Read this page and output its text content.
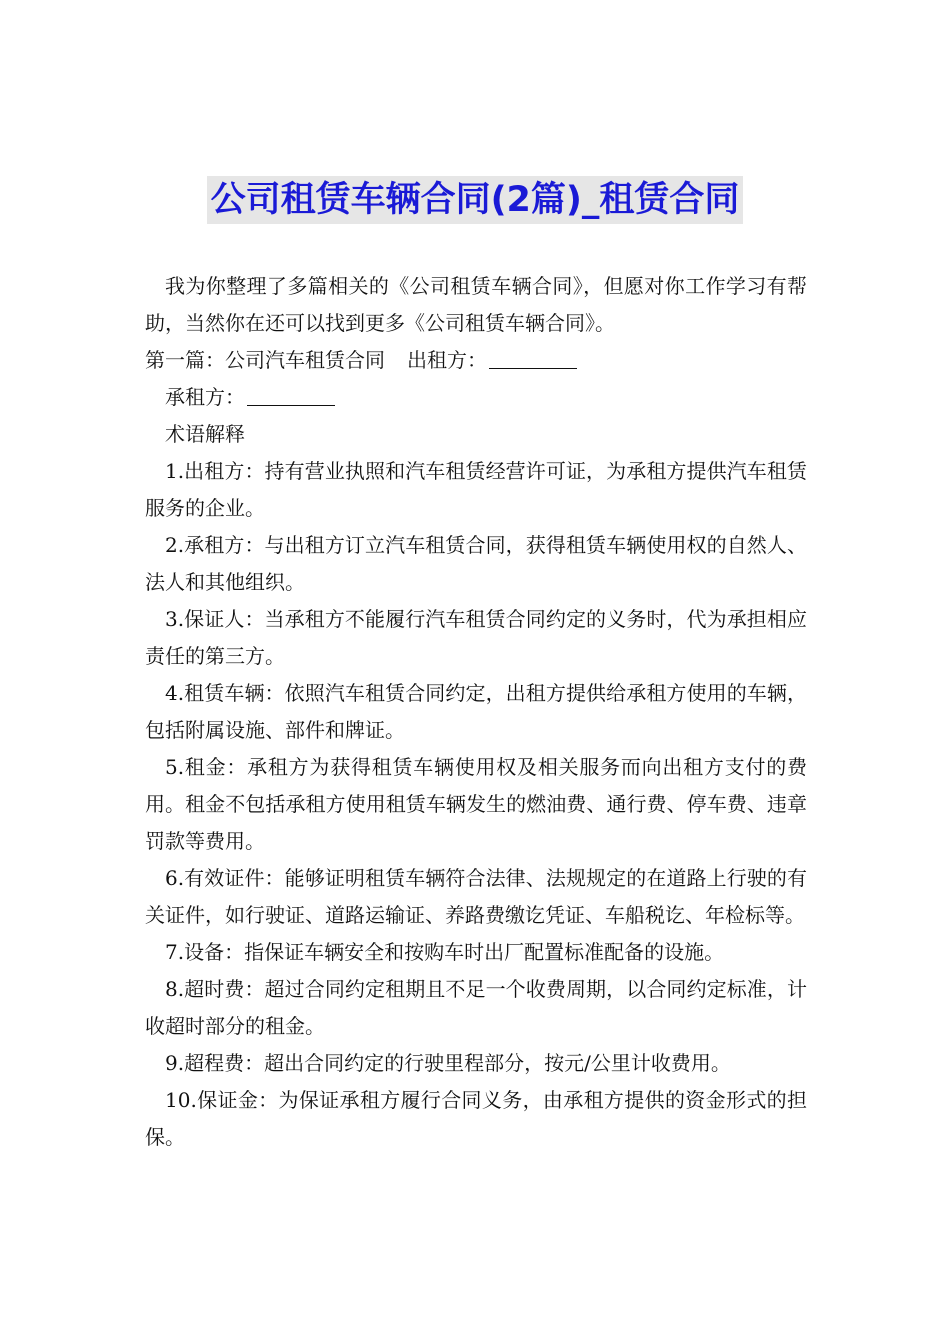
公司租赁车辆合同(2篇)_租赁合同

我为你整理了多篇相关的《公司租赁车辆合同》，但愿对你工作学习有帮助，当然你在还可以找到更多《公司租赁车辆合同》。

第一篇：公司汽车租赁合同 出租方：

承租方：

术语解释

1.出租方：持有营业执照和汽车租赁经营许可证，为承租方提供汽车租赁服务的企业。

2.承租方：与出租方订立汽车租赁合同，获得租赁车辆使用权的自然人、法人和其他组织。

3.保证人：当承租方不能履行汽车租赁合同约定的义务时，代为承担相应责任的第三方。

4.租赁车辆：依照汽车租赁合同约定，出租方提供给承租方使用的车辆，包括附属设施、部件和牌证。

5.租金：承租方为获得租赁车辆使用权及相关服务而向出租方支付的费用。租金不包括承租方使用租赁车辆发生的燃油费、通行费、停车费、违章罚款等费用。

6.有效证件：能够证明租赁车辆符合法律、法规规定的在道路上行驶的有关证件，如行驶证、道路运输证、养路费缴讫凭证、车船税讫、年检标等。

7.设备：指保证车辆安全和按购车时出厂配置标准配备的设施。

8.超时费：超过合同约定租期且不足一个收费周期，以合同约定标准，计收超时部分的租金。

9.超程费：超出合同约定的行驶里程部分，按元/公里计收费用。

10.保证金：为保证承租方履行合同义务，由承租方提供的资金形式的担保。
